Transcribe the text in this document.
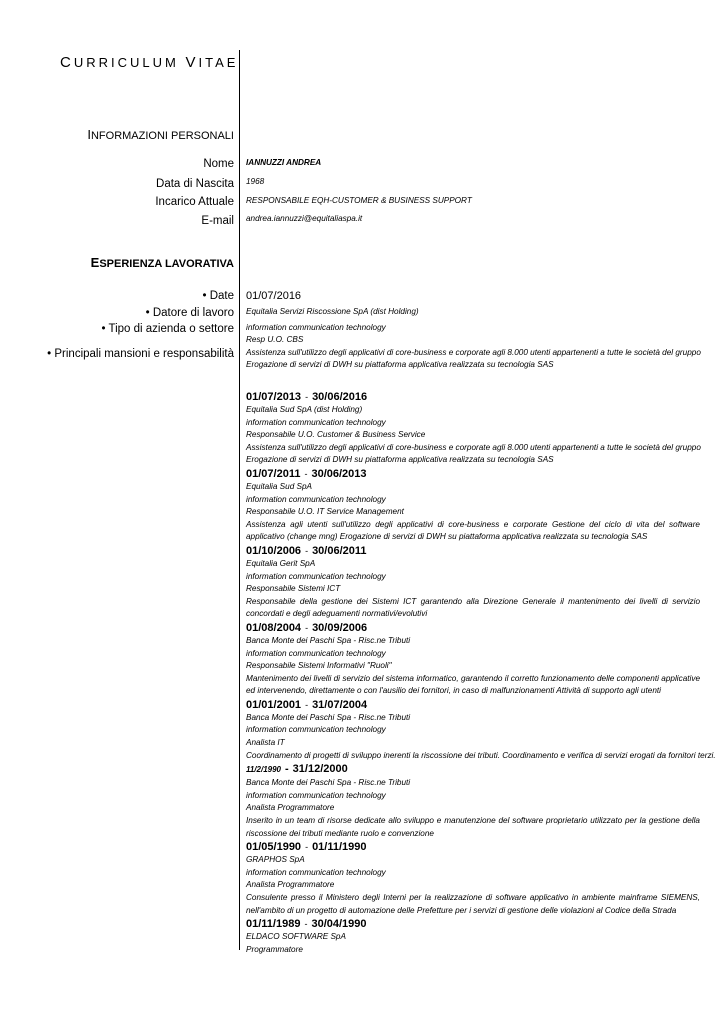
CURRICULUM VITAE
INFORMAZIONI PERSONALI
Nome IANNUZZI ANDREA
Data di Nascita 1968
Incarico Attuale RESPONSABILE EQH-CUSTOMER & BUSINESS SUPPORT
E-mail andrea.iannuzzi@equitaliaspa.it
ESPERIENZA LAVORATIVA
• Date
• Datore di lavoro
• Tipo di azienda o settore
• Principali mansioni e responsabilità
01/07/2016
Equitalia Servizi Riscossione SpA (dist Holding)
information communication technology
Resp U.O. CBS
Assistenza sull'utilizzo degli applicativi di core-business e corporate agli 8.000 utenti appartenenti a tutte le società del gruppo
Erogazione di servizi di DWH su piattaforma applicativa realizzata su tecnologia SAS
01/07/2013 - 30/06/2016
Equitalia Sud SpA (dist Holding)
information communication technology
Responsabile U.O. Customer & Business Service
Assistenza sull'utilizzo degli applicativi di core-business e corporate agli 8.000 utenti appartenenti a tutte le società del gruppo
Erogazione di servizi di DWH su piattaforma applicativa realizzata su tecnologia SAS
01/07/2011 - 30/06/2013
Equitalia Sud SpA
information communication technology
Responsabile U.O. IT Service Management
Assistenza agli utenti sull'utilizzo degli applicativi di core-business e corporate Gestione del ciclo di vita del software applicativo (change mng) Erogazione di servizi di DWH su piattaforma applicativa realizzata su tecnologia SAS
01/10/2006 - 30/06/2011
Equitalia Gerit SpA
information communication technology
Responsabile Sistemi ICT
Responsabile della gestione dei Sistemi ICT garantendo alla Direzione Generale il mantenimento dei livelli di servizio concordati e degli adeguamenti normativi/evolutivi
01/08/2004 - 30/09/2006
Banca Monte dei Paschi Spa - Risc.ne Tributi
information communication technology
Responsabile Sistemi Informativi "Ruoli"
Mantenimento dei livelli di servizio del sistema informatico, garantendo il corretto funzionamento delle componenti applicative ed intervenendo, direttamente o con l'ausilio dei fornitori, in caso di malfunzionamenti Attività di supporto agli utenti
01/01/2001 - 31/07/2004
Banca Monte dei Paschi Spa - Risc.ne Tributi
information communication technology
Analista IT
Coordinamento di progetti di sviluppo inerenti la riscossione dei tributi. Coordinamento e verifica di servizi erogati da fornitori terzi.
11/2/1990 - 31/12/2000
Banca Monte dei Paschi Spa - Risc.ne Tributi
information communication technology
Analista Programmatore
Inserito in un team di risorse dedicate allo sviluppo e manutenzione del software proprietario utilizzato per la gestione della riscossione dei tributi mediante ruolo e convenzione
01/05/1990 - 01/11/1990
GRAPHOS SpA
information communication technology
Analista Programmatore
Consulente presso il Ministero degli Interni per la realizzazione di software applicativo in ambiente mainframe SIEMENS, nell'ambito di un progetto di automazione delle Prefetture per i servizi di gestione delle violazioni al Codice della Strada
01/11/1989 - 30/04/1990
ELDACO SOFTWARE SpA
Programmatore
